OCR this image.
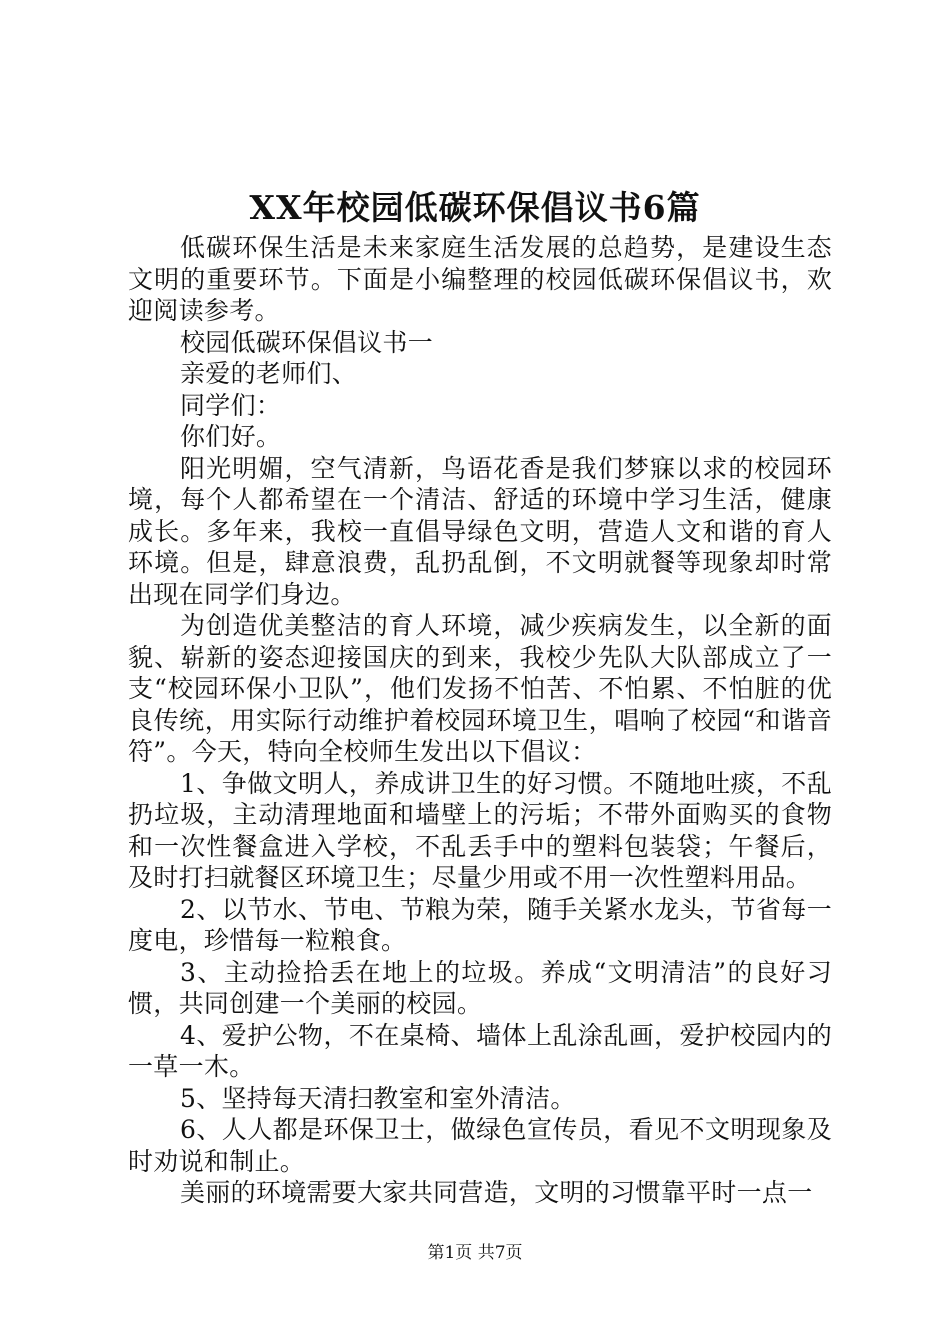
XX年校园低碳环保倡议书6篇

低碳环保生活是未来家庭生活发展的总趋势，是建设生态文明的重要环节。下面是小编整理的校园低碳环保倡议书，欢迎阅读参考。

校园低碳环保倡议书一

亲爱的老师们、

同学们：

你们好。

阳光明媚，空气清新，鸟语花香是我们梦寐以求的校园环境，每个人都希望在一个清洁、舒适的环境中学习生活，健康成长。多年来，我校一直倡导绿色文明，营造人文和谐的育人环境。但是，肆意浪费，乱扔乱倒，不文明就餐等现象却时常出现在同学们身边。

为创造优美整洁的育人环境，减少疾病发生，以全新的面貌、崭新的姿态迎接国庆的到来，我校少先队大队部成立了一支“校园环保小卫队”，他们发扬不怕苦、不怕累、不怕脏的优良传统，用实际行动维护着校园环境卫生，唱响了校园“和谐音符”。今天，特向全校师生发出以下倡议：

1、争做文明人，养成讲卫生的好习惯。不随地吐痰，不乱扔垃圾，主动清理地面和墙壁上的污垢；不带外面购买的食物和一次性餐盒进入学校，不乱丢手中的塑料包装袋；午餐后，及时打扫就餐区环境卫生；尽量少用或不用一次性塑料用品。

2、以节水、节电、节粮为荣，随手关紧水龙头，节省每一度电，珍惜每一粒粮食。

3、主动捡拾丢在地上的垃圾。养成“文明清洁”的良好习惯，共同创建一个美丽的校园。

4、爱护公物，不在桌椅、墙体上乱涂乱画，爱护校园内的一草一木。

5、坚持每天清扫教室和室外清洁。

6、人人都是环保卫士，做绿色宣传员，看见不文明现象及时劝说和制止。

美丽的环境需要大家共同营造，文明的习惯靠平时一点一

第1页 共7页
